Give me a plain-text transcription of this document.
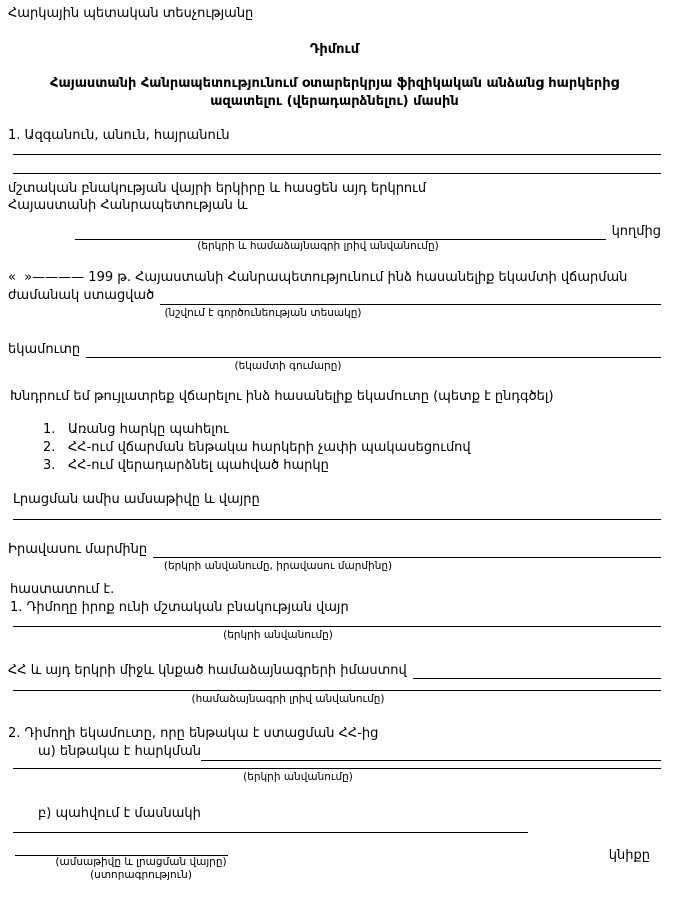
Հարկային պետական տեսչությանը
Դիմում
Հայաստանի Հանրապետությունում օտարերկրյա ֆիզիկական անձանց հարկերից ազատելու (վերադարձնելու) մասին
1. Ազգանուն, անուն, հայրանուն
մշտական բնակության վայրի երկիրը և հասցեն այդ երկրում
Հայաստանի Հանրապետության և
կողմից
(երկրի և համաձայնագրի լրիվ անվանումը)
«  »———— 199 թ. Հայաստանի Հանրապետությունում ինձ հասանելիք եկամտի վճարման
ժամանակ ստացված
(նշվում է գործունեության տեսակը)
եկամուտը
(եկամտի գումարը)
Խնդրում եմ թույլատրեք վճարելու ինձ հասանելիք եկամուտը (պետք է ընդգծել)
1. Առանց հարկը պահելու
2. ՀՀ-ում վճարման ենթակա հարկերի չափի պակասեցումով
3. ՀՀ-ում վերադարձնել պահված հարկը
Լրացման ամիս ամսաթիվը և վայրը
Իրավասու մարմինը
(երկրի անվանումը, իրավասու մարմինը)
հաստատում է.
1. Դիմողը իրոք ունի մշտական բնակության վայր
(երկրի անվանումը)
ՀՀ և այդ երկրի միջև կնքած համաձայնագրերի իմաստով
(համաձայնագրի լրիվ անվանումը)
2. Դիմողի եկամուտը, որը ենթակա է ստացման ՀՀ-ից
ա) ենթակա է հարկման
(երկրի անվանումը)
բ) պահվում է մասնակի
(ամսաթիվը և լրացման վայրը)
(ստորագրություն)
կնիքը
